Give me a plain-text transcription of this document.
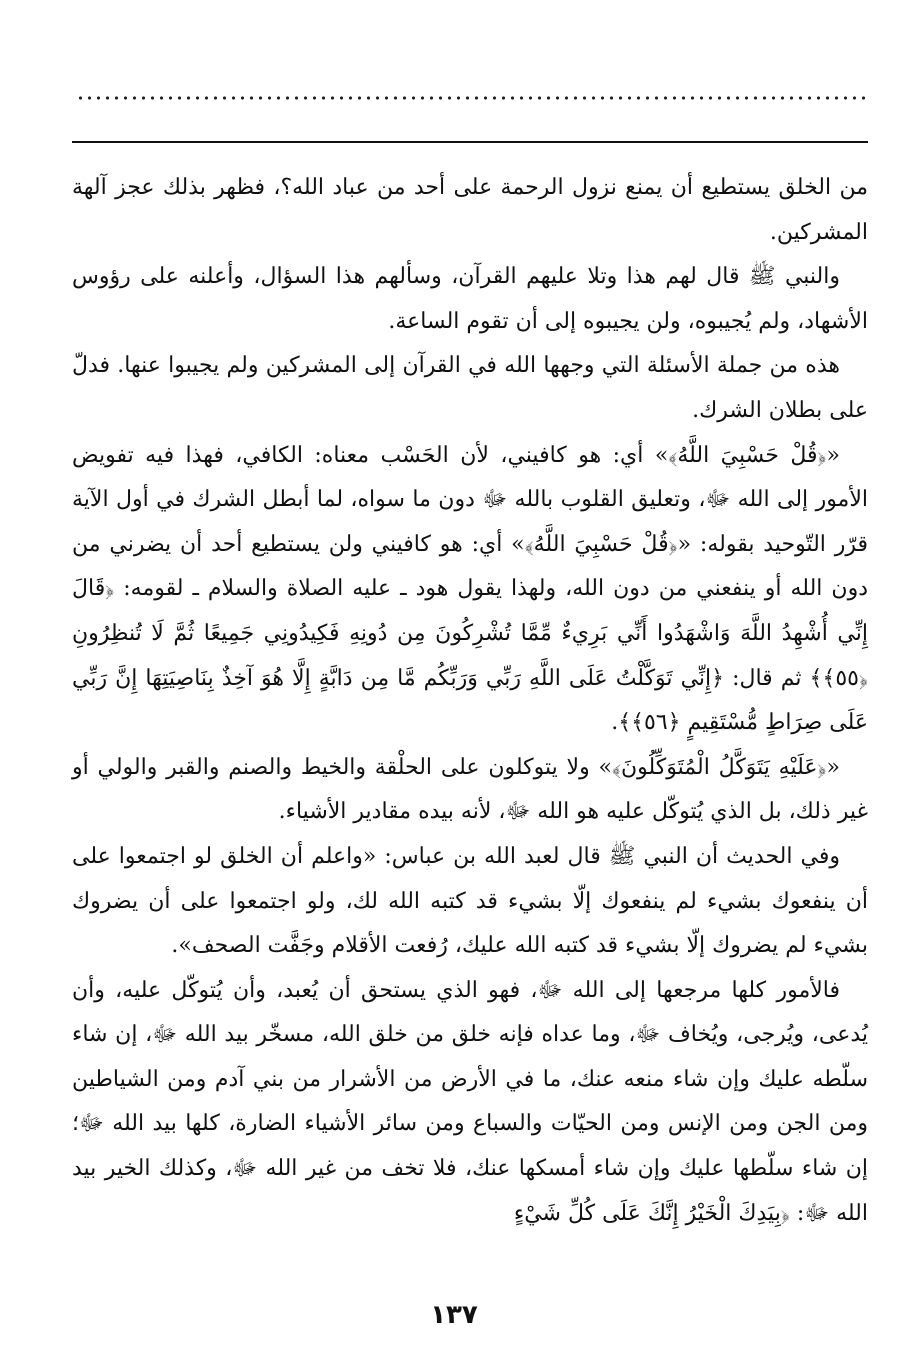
من الخلق يستطيع أن يمنع نزول الرحمة على أحد من عباد الله؟، فظهر بذلك عجز آلهة المشركين.

والنبي ﷺ قال لهم هذا وتلا عليهم القرآن، وسألهم هذا السؤال، وأعلنه على رؤوس الأشهاد، ولم يُجيبوه، ولن يجيبوه إلى أن تقوم الساعة.

هذه من جملة الأسئلة التي وجهها الله في القرآن إلى المشركين ولم يجيبوا عنها. فدلّ على بطلان الشرك.

«﴿قُلْ حَسْبِيَ اللَّهُ﴾» أي: هو كافيني، لأن الحَسْب معناه: الكافي، فهذا فيه تفويض الأمور إلى الله ﷻ، وتعليق القلوب بالله ﷻ دون ما سواه، لما أبطل الشرك في أول الآية قرّر التّوحيد بقوله: «﴿قُلْ حَسْبِيَ اللَّهُ﴾» أي: هو كافيني ولن يستطيع أحد أن يضرني من دون الله أو ينفعني من دون الله، ولهذا يقول هود ـ عليه الصلاة والسلام ـ لقومه: ﴿قَالَ إِنِّي أُشْهِدُ اللَّهَ وَاشْهَدُوا أَنِّي بَرِيءٌ مِّمَّا تُشْرِكُونَ مِن دُونِهِ فَكِيدُونِي جَمِيعًا ثُمَّ لَا تُنظِرُونِ ﴿٥٥﴾﴾ ثم قال: ﴿إِنِّي تَوَكَّلْتُ عَلَى اللَّهِ رَبِّي وَرَبِّكُم مَّا مِن دَابَّةٍ إِلَّا هُوَ آخِذٌ بِنَاصِيَتِهَا إِنَّ رَبِّي عَلَى صِرَاطٍ مُّسْتَقِيمٍ ﴿٥٦﴾﴾.

«﴿عَلَيْهِ يَتَوَكَّلُ الْمُتَوَكِّلُونَ﴾» ولا يتوكلون على الحلْقة والخيط والصنم والقبر والولي أو غير ذلك، بل الذي يُتوكّل عليه هو الله ﷻ، لأنه بيده مقادير الأشياء.

وفي الحديث أن النبي ﷺ قال لعبد الله بن عباس: «واعلم أن الخلق لو اجتمعوا على أن ينفعوك بشيء لم ينفعوك إلّا بشيء قد كتبه الله لك، ولو اجتمعوا على أن يضروك بشيء لم يضروك إلّا بشيء قد كتبه الله عليك، رُفعت الأقلام وجَفَّت الصحف».

فالأمور كلها مرجعها إلى الله ﷻ، فهو الذي يستحق أن يُعبد، وأن يُتوكّل عليه، وأن يُدعى، ويُرجى، ويُخاف ﷻ، وما عداه فإنه خلق من خلق الله، مسخّر بيد الله ﷻ، إن شاء سلّطه عليك وإن شاء منعه عنك، ما في الأرض من الأشرار من بني آدم ومن الشياطين ومن الجن ومن الإنس ومن الحيّات والسباع ومن سائر الأشياء الضارة، كلها بيد الله ﷻ؛ إن شاء سلّطها عليك وإن شاء أمسكها عنك، فلا تخف من غير الله ﷻ، وكذلك الخير بيد الله ﷻ: ﴿بِيَدِكَ الْخَيْرُ إِنَّكَ عَلَى كُلِّ شَيْءٍ

١٣٧
